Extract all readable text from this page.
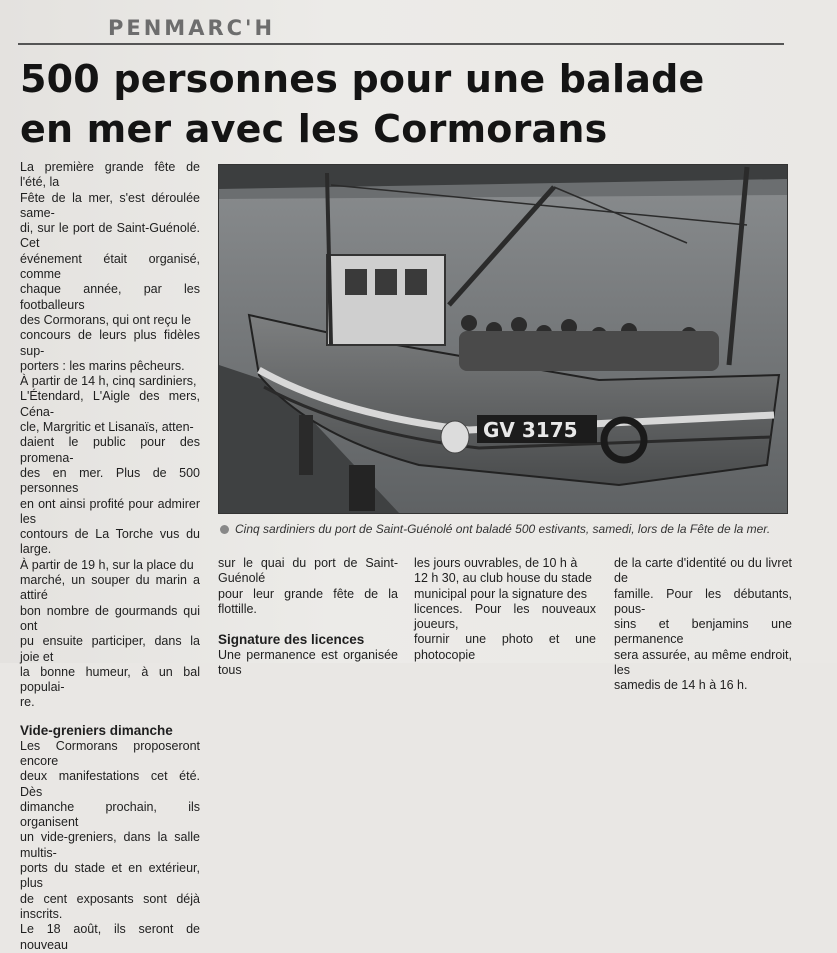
PENMARC'H
500 personnes pour une balade
en mer avec les Cormorans
La première grande fête de l'été, la
Fête de la mer, s'est déroulée same-
di, sur le port de Saint-Guénolé. Cet
événement était organisé, comme
chaque année, par les footballeurs
des Cormorans, qui ont reçu le
concours de leurs plus fidèles sup-
porters : les marins pêcheurs.
À partir de 14 h, cinq sardiniers,
L'Étendard, L'Aigle des mers, Céna-
cle, Margritic et Lisanaïs, atten-
daient le public pour des promena-
des en mer. Plus de 500 personnes
en ont ainsi profité pour admirer les
contours de La Torche vus du large.
À partir de 19 h, sur la place du
marché, un souper du marin a attiré
bon nombre de gourmands qui ont
pu ensuite participer, dans la joie et
la bonne humeur, à un bal populai-
re.
Vide-greniers dimanche
Les Cormorans proposeront encore
deux manifestations cet été. Dès
dimanche prochain, ils organisent
un vide-greniers, dans la salle multis-
ports du stade et en extérieur, plus
de cent exposants sont déjà inscrits.
Le 18 août, ils seront de nouveau
GV 3175
Cinq sardiniers du port de Saint-Guénolé ont baladé 500 estivants, samedi, lors de la Fête de la mer.
sur le quai du port de Saint-Guénolé
pour leur grande fête de la flottille.
Signature des licences
Une permanence est organisée tous
les jours ouvrables, de 10 h à
12 h 30, au club house du stade
municipal pour la signature des
licences. Pour les nouveaux joueurs,
fournir une photo et une photocopie
de la carte d'identité ou du livret de
famille. Pour les débutants, pous-
sins et benjamins une permanence
sera assurée, au même endroit, les
samedis de 14 h à 16 h.
